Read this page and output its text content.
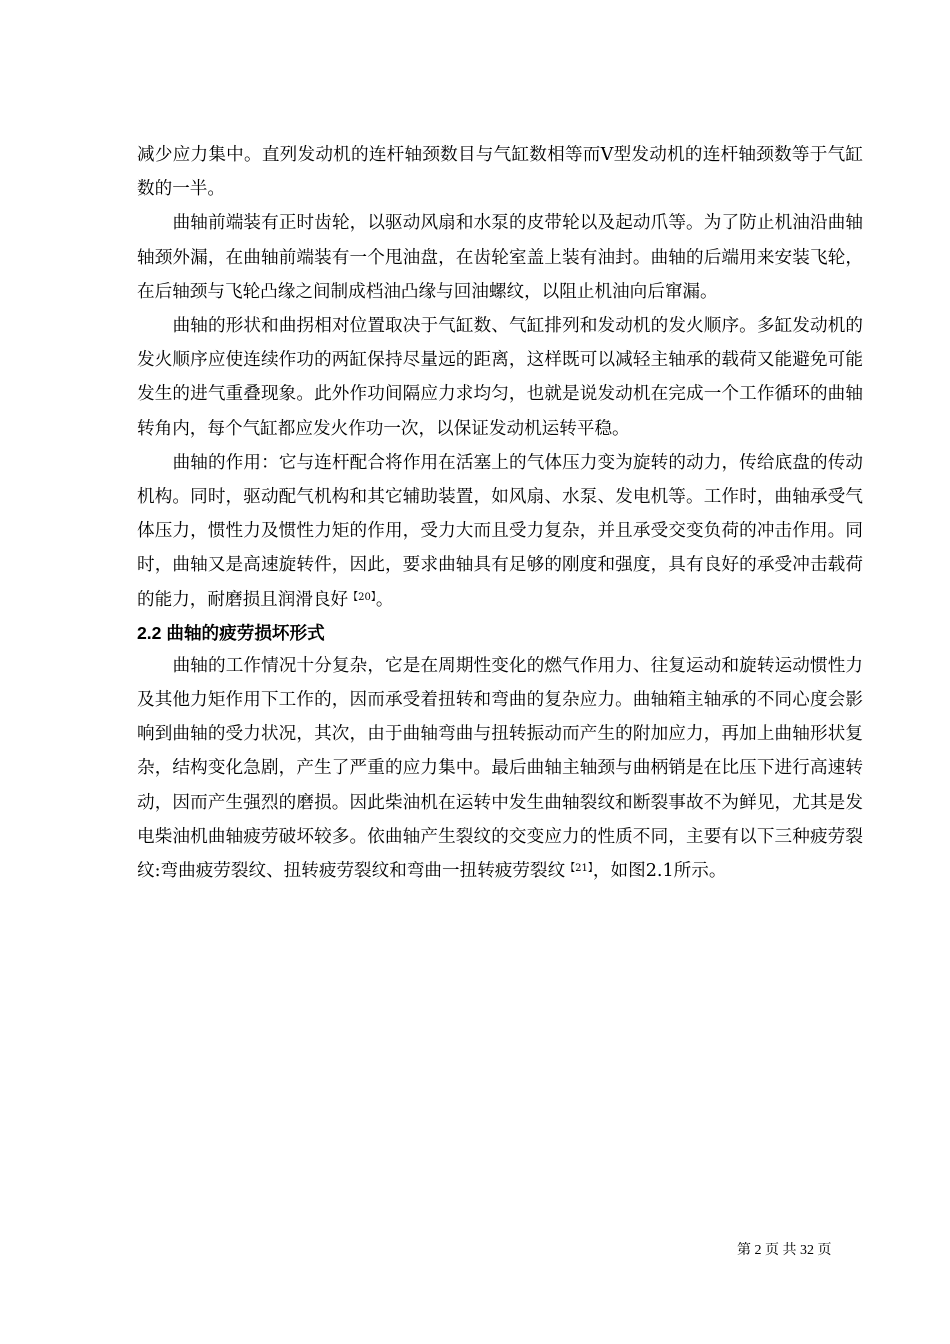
减少应力集中。直列发动机的连杆轴颈数目与气缸数相等而Ⅴ型发动机的连杆轴颈数等于气缸数的一半。

曲轴前端装有正时齿轮，以驱动风扇和水泵的皮带轮以及起动爪等。为了防止机油沿曲轴轴颈外漏，在曲轴前端装有一个甩油盘，在齿轮室盖上装有油封。曲轴的后端用来安装飞轮，在后轴颈与飞轮凸缘之间制成档油凸缘与回油螺纹，以阻止机油向后窜漏。

曲轴的形状和曲拐相对位置取决于气缸数、气缸排列和发动机的发火顺序。多缸发动机的发火顺序应使连续作功的两缸保持尽量远的距离，这样既可以减轻主轴承的载荷又能避免可能发生的进气重叠现象。此外作功间隔应力求均匀，也就是说发动机在完成一个工作循环的曲轴转角内，每个气缸都应发火作功一次，以保证发动机运转平稳。

曲轴的作用：它与连杆配合将作用在活塞上的气体压力变为旋转的动力，传给底盘的传动机构。同时，驱动配气机构和其它辅助装置，如风扇、水泵、发电机等。工作时，曲轴承受气体压力，惯性力及惯性力矩的作用，受力大而且受力复杂，并且承受交变负荷的冲击作用。同时，曲轴又是高速旋转件，因此，要求曲轴具有足够的刚度和强度，具有良好的承受冲击载荷的能力，耐磨损且润滑良好$^{【20】}$。

2.2 曲轴的疲劳损坏形式

曲轴的工作情况十分复杂，它是在周期性变化的燃气作用力、往复运动和旋转运动惯性力及其他力矩作用下工作的，因而承受着扭转和弯曲的复杂应力。曲轴箱主轴承的不同心度会影响到曲轴的受力状况，其次，由于曲轴弯曲与扭转振动而产生的附加应力，再加上曲轴形状复杂，结构变化急剧，产生了严重的应力集中。最后曲轴主轴颈与曲柄销是在比压下进行高速转动，因而产生强烈的磨损。因此柴油机在运转中发生曲轴裂纹和断裂事故不为鲜见，尤其是发电柴油机曲轴疲劳破坏较多。依曲轴产生裂纹的交变应力的性质不同，主要有以下三种疲劳裂纹:弯曲疲劳裂纹、扭转疲劳裂纹和弯曲一扭转疲劳裂纹$^{【21】}$，如图2.1所示。

第 2 页 共 32 页
